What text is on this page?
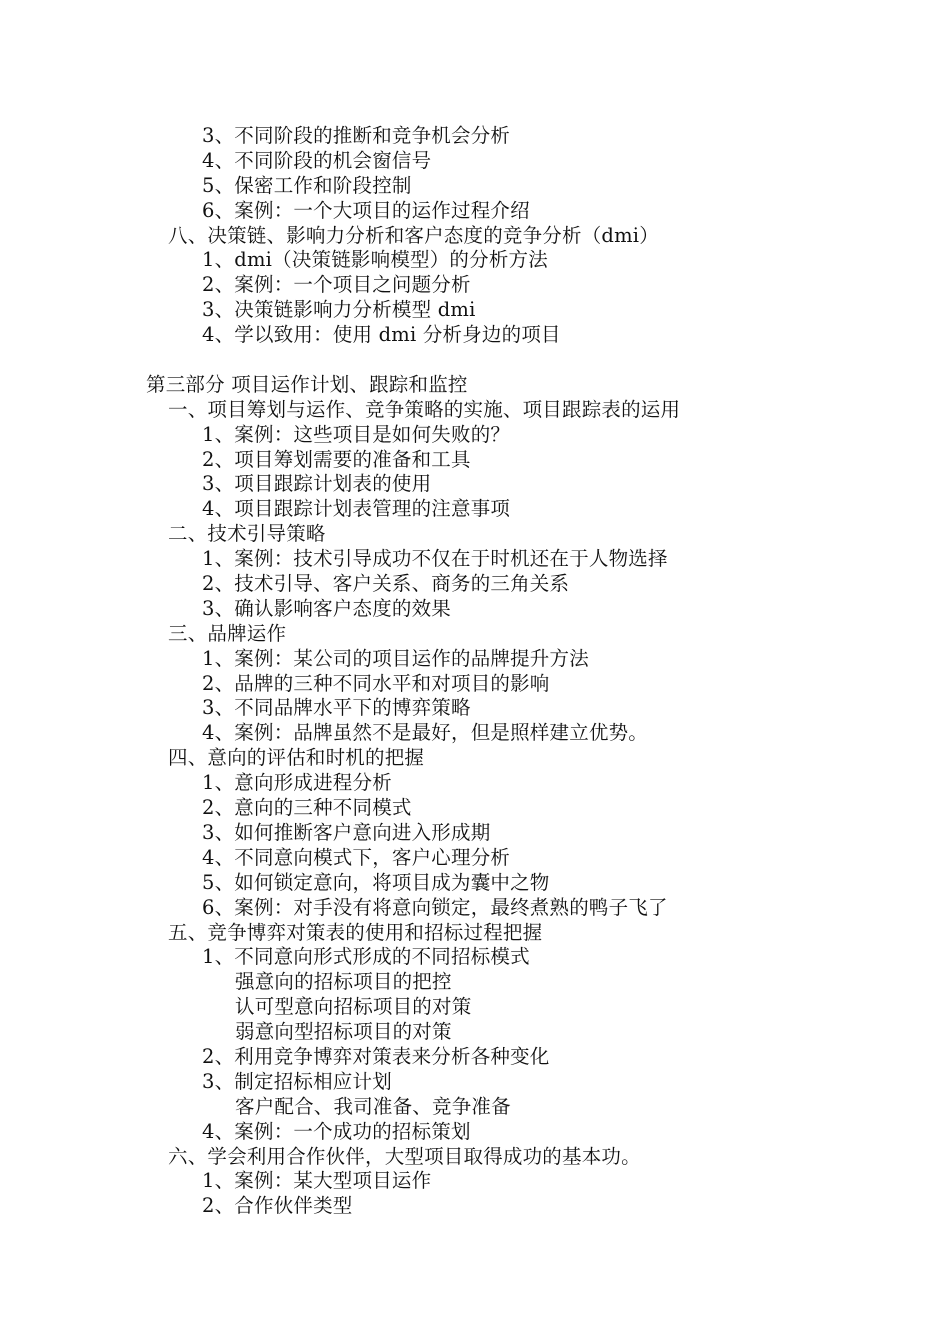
3、不同阶段的推断和竞争机会分析
4、不同阶段的机会窗信号
5、保密工作和阶段控制
6、案例：一个大项目的运作过程介绍
八、决策链、影响力分析和客户态度的竞争分析（dmi）
1、dmi（决策链影响模型）的分析方法
2、案例：一个项目之问题分析
3、决策链影响力分析模型 dmi
4、学以致用：使用 dmi 分析身边的项目
第三部分 项目运作计划、跟踪和监控
一、项目筹划与运作、竞争策略的实施、项目跟踪表的运用
1、案例：这些项目是如何失败的？
2、项目筹划需要的准备和工具
3、项目跟踪计划表的使用
4、项目跟踪计划表管理的注意事项
二、技术引导策略
1、案例：技术引导成功不仅在于时机还在于人物选择
2、技术引导、客户关系、商务的三角关系
3、确认影响客户态度的效果
三、品牌运作
1、案例：某公司的项目运作的品牌提升方法
2、品牌的三种不同水平和对项目的影响
3、不同品牌水平下的博弈策略
4、案例：品牌虽然不是最好，但是照样建立优势。
四、意向的评估和时机的把握
1、意向形成进程分析
2、意向的三种不同模式
3、如何推断客户意向进入形成期
4、不同意向模式下，客户心理分析
5、如何锁定意向，将项目成为囊中之物
6、案例：对手没有将意向锁定，最终煮熟的鸭子飞了
五、竞争博弈对策表的使用和招标过程把握
1、不同意向形式形成的不同招标模式
强意向的招标项目的把控
认可型意向招标项目的对策
弱意向型招标项目的对策
2、利用竞争博弈对策表来分析各种变化
3、制定招标相应计划
客户配合、我司准备、竞争准备
4、案例：一个成功的招标策划
六、学会利用合作伙伴，大型项目取得成功的基本功。
1、案例：某大型项目运作
2、合作伙伴类型
